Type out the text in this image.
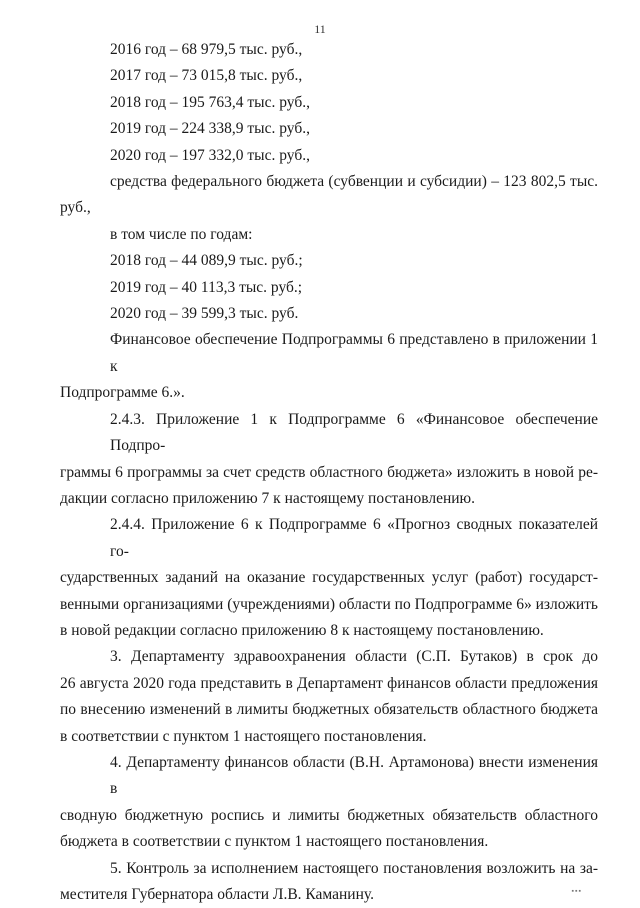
11
2016 год – 68 979,5 тыс. руб.,
2017 год – 73 015,8 тыс. руб.,
2018 год – 195 763,4 тыс. руб.,
2019 год – 224 338,9 тыс. руб.,
2020 год – 197 332,0 тыс. руб.,
средства федерального бюджета (субвенции и субсидии) – 123 802,5 тыс.
руб.,
в том числе по годам:
2018 год – 44 089,9 тыс. руб.;
2019 год – 40 113,3 тыс. руб.;
2020 год – 39 599,3 тыс. руб.
Финансовое обеспечение Подпрограммы 6 представлено в приложении 1 к
Подпрограмме 6.».
2.4.3. Приложение 1 к Подпрограмме 6 «Финансовое обеспечение Подпро-
граммы 6 программы за счет средств областного бюджета» изложить в новой ре-
дакции согласно приложению 7 к настоящему постановлению.
2.4.4. Приложение 6 к Подпрограмме 6 «Прогноз сводных показателей го-
сударственных заданий на оказание государственных услуг (работ) государст-
венными организациями (учреждениями) области по Подпрограмме 6» изложить
в новой редакции согласно приложению 8 к настоящему постановлению.
3. Департаменту здравоохранения области (С.П. Бутаков) в срок до
26 августа 2020 года представить в Департамент финансов области предложения
по внесению изменений в лимиты бюджетных обязательств областного бюджета
в соответствии с пунктом 1 настоящего постановления.
4. Департаменту финансов области (В.Н. Артамонова) внести изменения в
сводную бюджетную роспись и лимиты бюджетных обязательств областного
бюджета в соответствии с пунктом 1 настоящего постановления.
5. Контроль за исполнением настоящего постановления возложить на за-
местителя Губернатора области Л.В. Каманину.	▪▪▪
